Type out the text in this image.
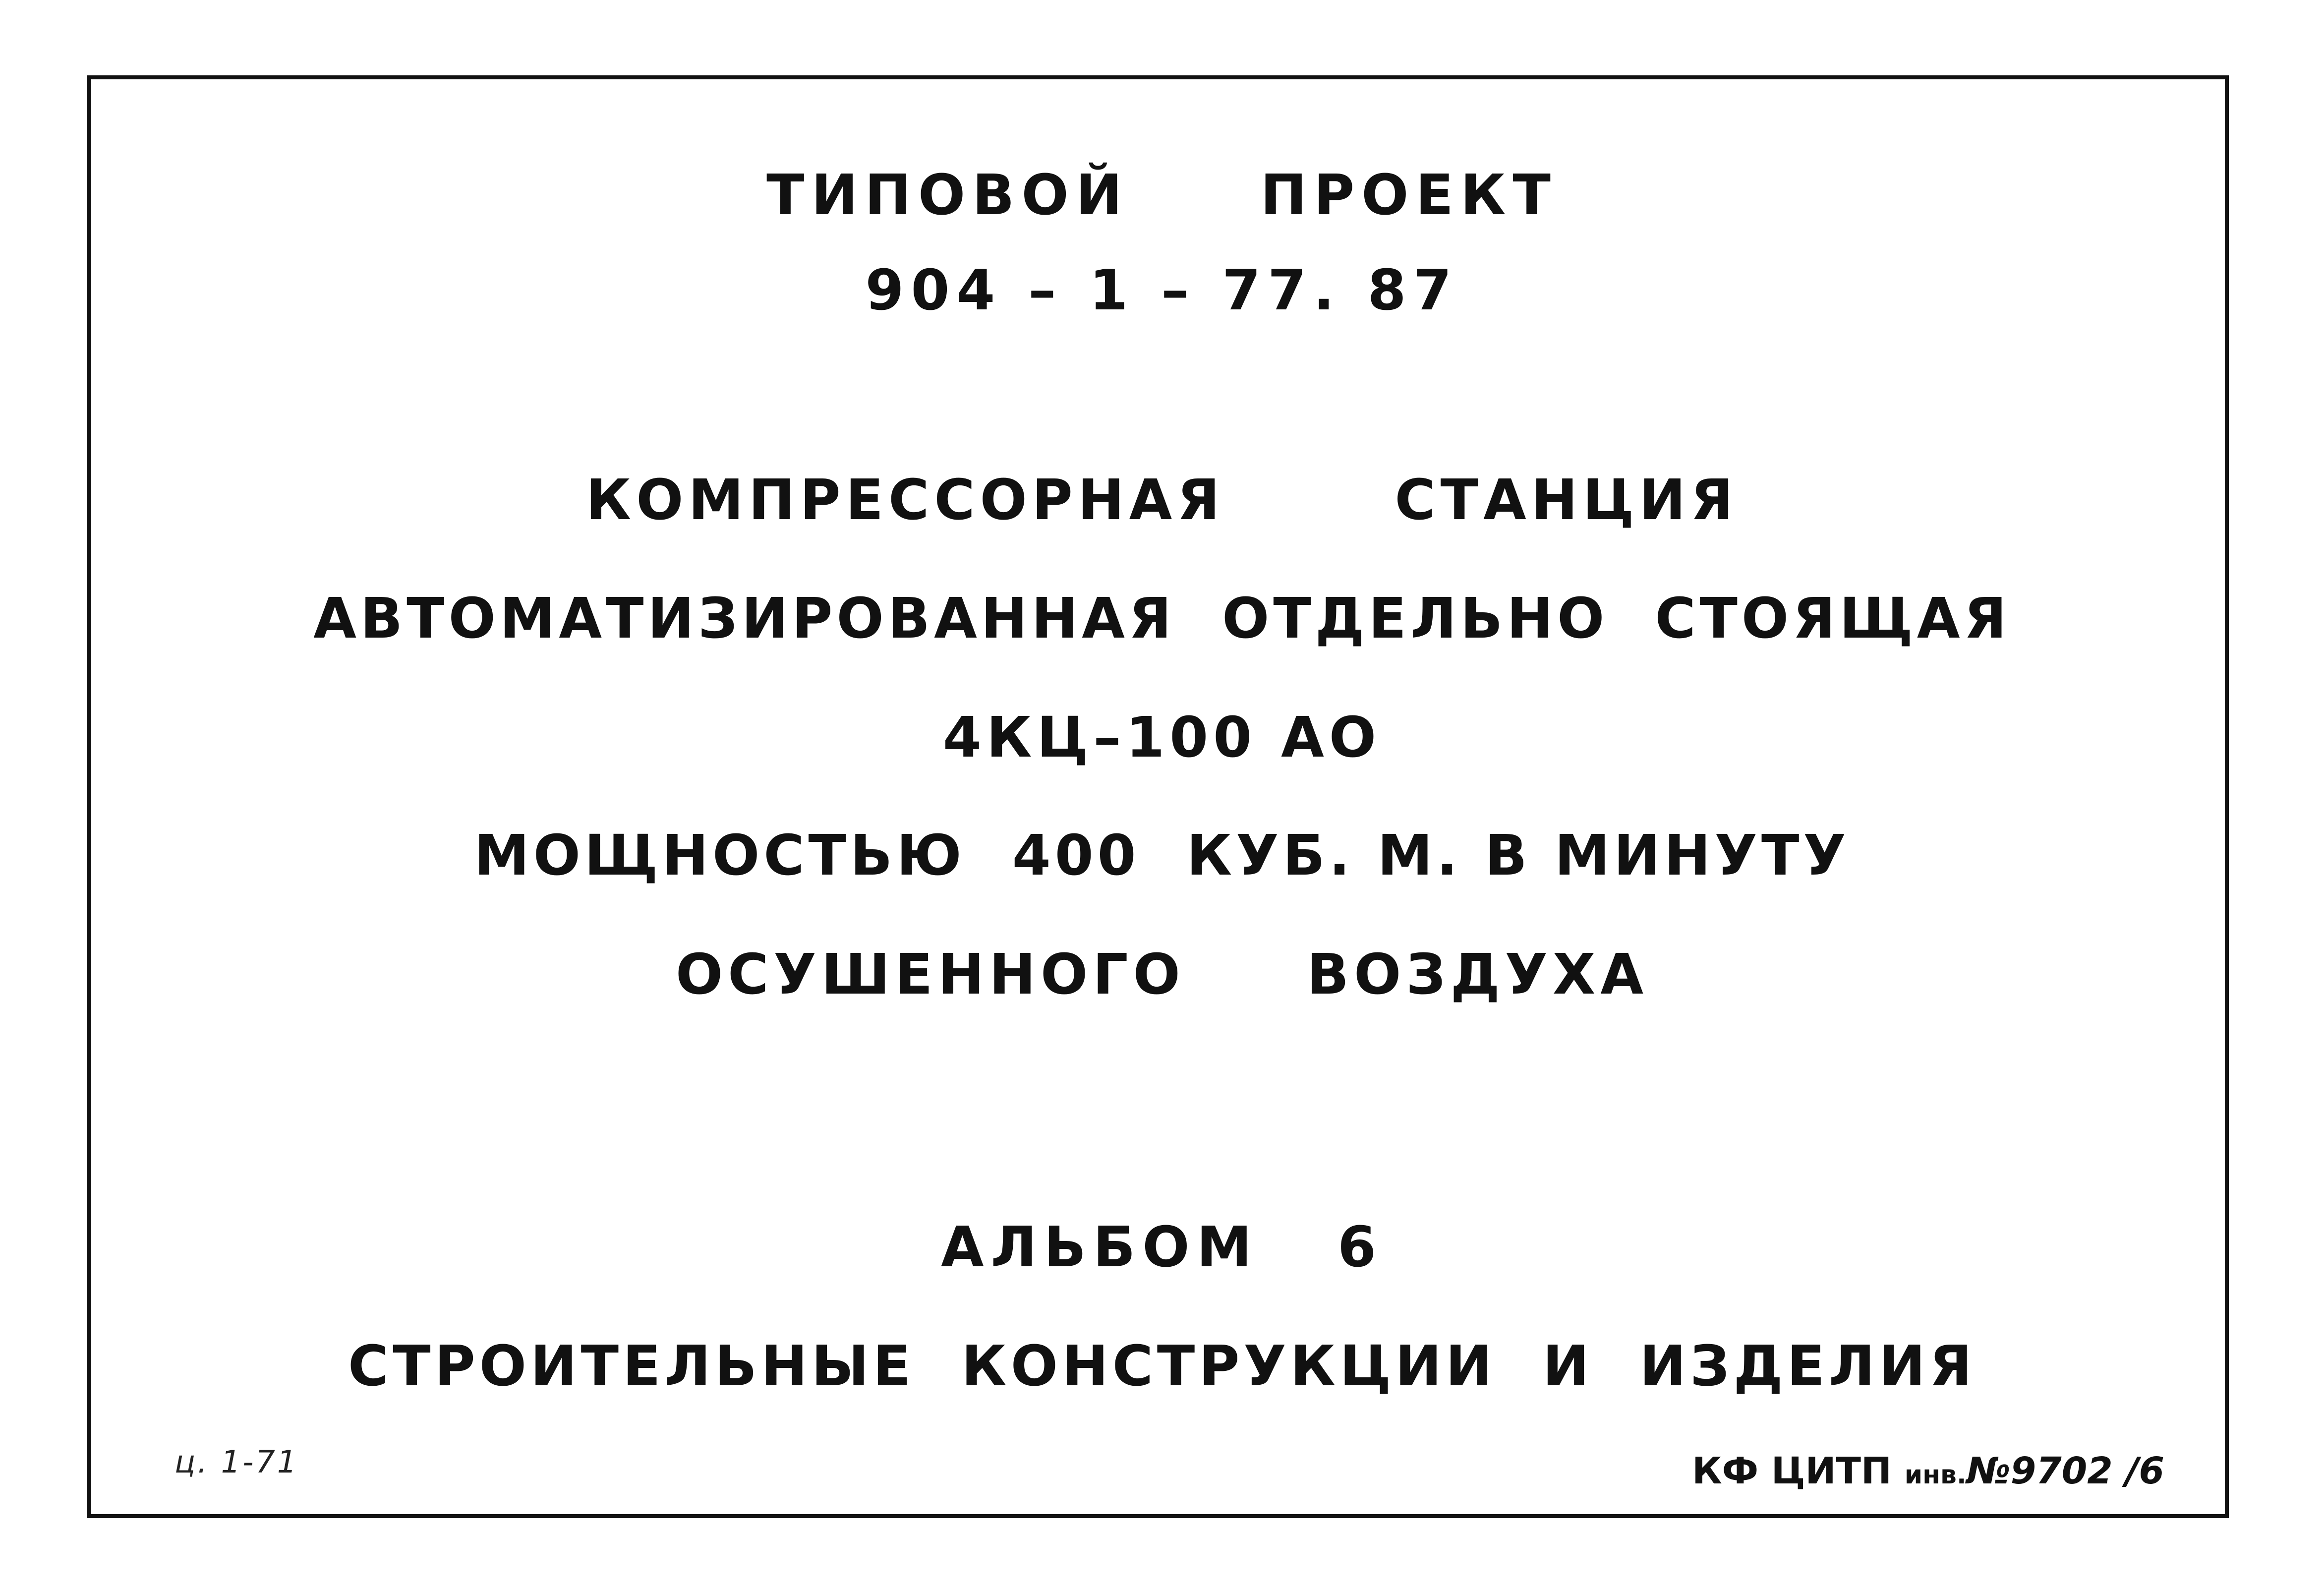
ТИПОВОЙ     ПРОЕКТ
904 – 1 – 77. 87
КОМПРЕССОРНАЯ       СТАНЦИЯ
АВТОМАТИЗИРОВАННАЯ  ОТДЕЛЬНО  СТОЯЩАЯ
4КЦ–100 АО
МОЩНОСТЬЮ  400  КУБ. М. В МИНУТУ
ОСУШЕННОГО     ВОЗДУХА
АЛЬБОМ   6
СТРОИТЕЛЬНЫЕ  КОНСТРУКЦИИ  И  ИЗДЕЛИЯ
ц. 1-71	КФ ЦИТП инв.№9702 /6
